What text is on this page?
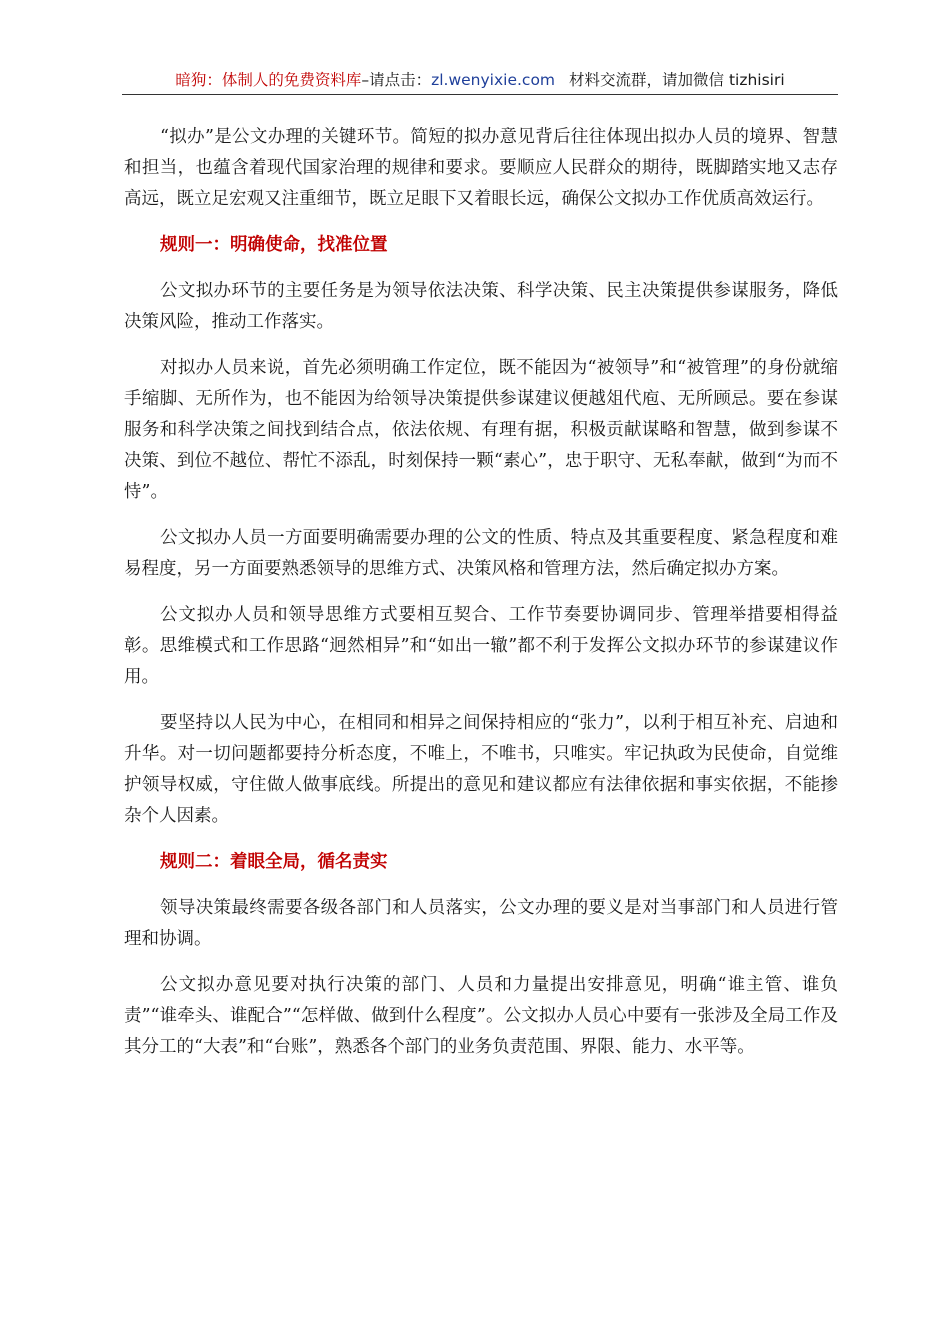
暗狗：体制人的免费资料库–请点击：zl.wenyixie.com 材料交流群，请加微信 tizhisiri

“拟办”是公文办理的关键环节。简短的拟办意见背后往往体现出拟办人员的境界、智慧和担当，也蕴含着现代国家治理的规律和要求。要顺应人民群众的期待，既脚踏实地又志存高远，既立足宏观又注重细节，既立足眼下又着眼长远，确保公文拟办工作优质高效运行。

规则一：明确使命，找准位置

公文拟办环节的主要任务是为领导依法决策、科学决策、民主决策提供参谋服务，降低决策风险，推动工作落实。

对拟办人员来说，首先必须明确工作定位，既不能因为“被领导”和“被管理”的身份就缩手缩脚、无所作为，也不能因为给领导决策提供参谋建议便越俎代庖、无所顾忌。要在参谋服务和科学决策之间找到结合点，依法依规、有理有据，积极贡献谋略和智慧，做到参谋不决策、到位不越位、帮忙不添乱，时刻保持一颗“素心”，忠于职守、无私奉献，做到“为而不恃”。

公文拟办人员一方面要明确需要办理的公文的性质、特点及其重要程度、紧急程度和难易程度，另一方面要熟悉领导的思维方式、决策风格和管理方法，然后确定拟办方案。

公文拟办人员和领导思维方式要相互契合、工作节奏要协调同步、管理举措要相得益彰。思维模式和工作思路“迥然相异”和“如出一辙”都不利于发挥公文拟办环节的参谋建议作用。

要坚持以人民为中心，在相同和相异之间保持相应的“张力”，以利于相互补充、启迪和升华。对一切问题都要持分析态度，不唯上，不唯书，只唯实。牢记执政为民使命，自觉维护领导权威，守住做人做事底线。所提出的意见和建议都应有法律依据和事实依据，不能掺杂个人因素。

规则二：着眼全局，循名责实

领导决策最终需要各级各部门和人员落实，公文办理的要义是对当事部门和人员进行管理和协调。

公文拟办意见要对执行决策的部门、人员和力量提出安排意见，明确“谁主管、谁负责”“谁牵头、谁配合”“怎样做、做到什么程度”。公文拟办人员心中要有一张涉及全局工作及其分工的“大表”和“台账”，熟悉各个部门的业务负责范围、界限、能力、水平等。
